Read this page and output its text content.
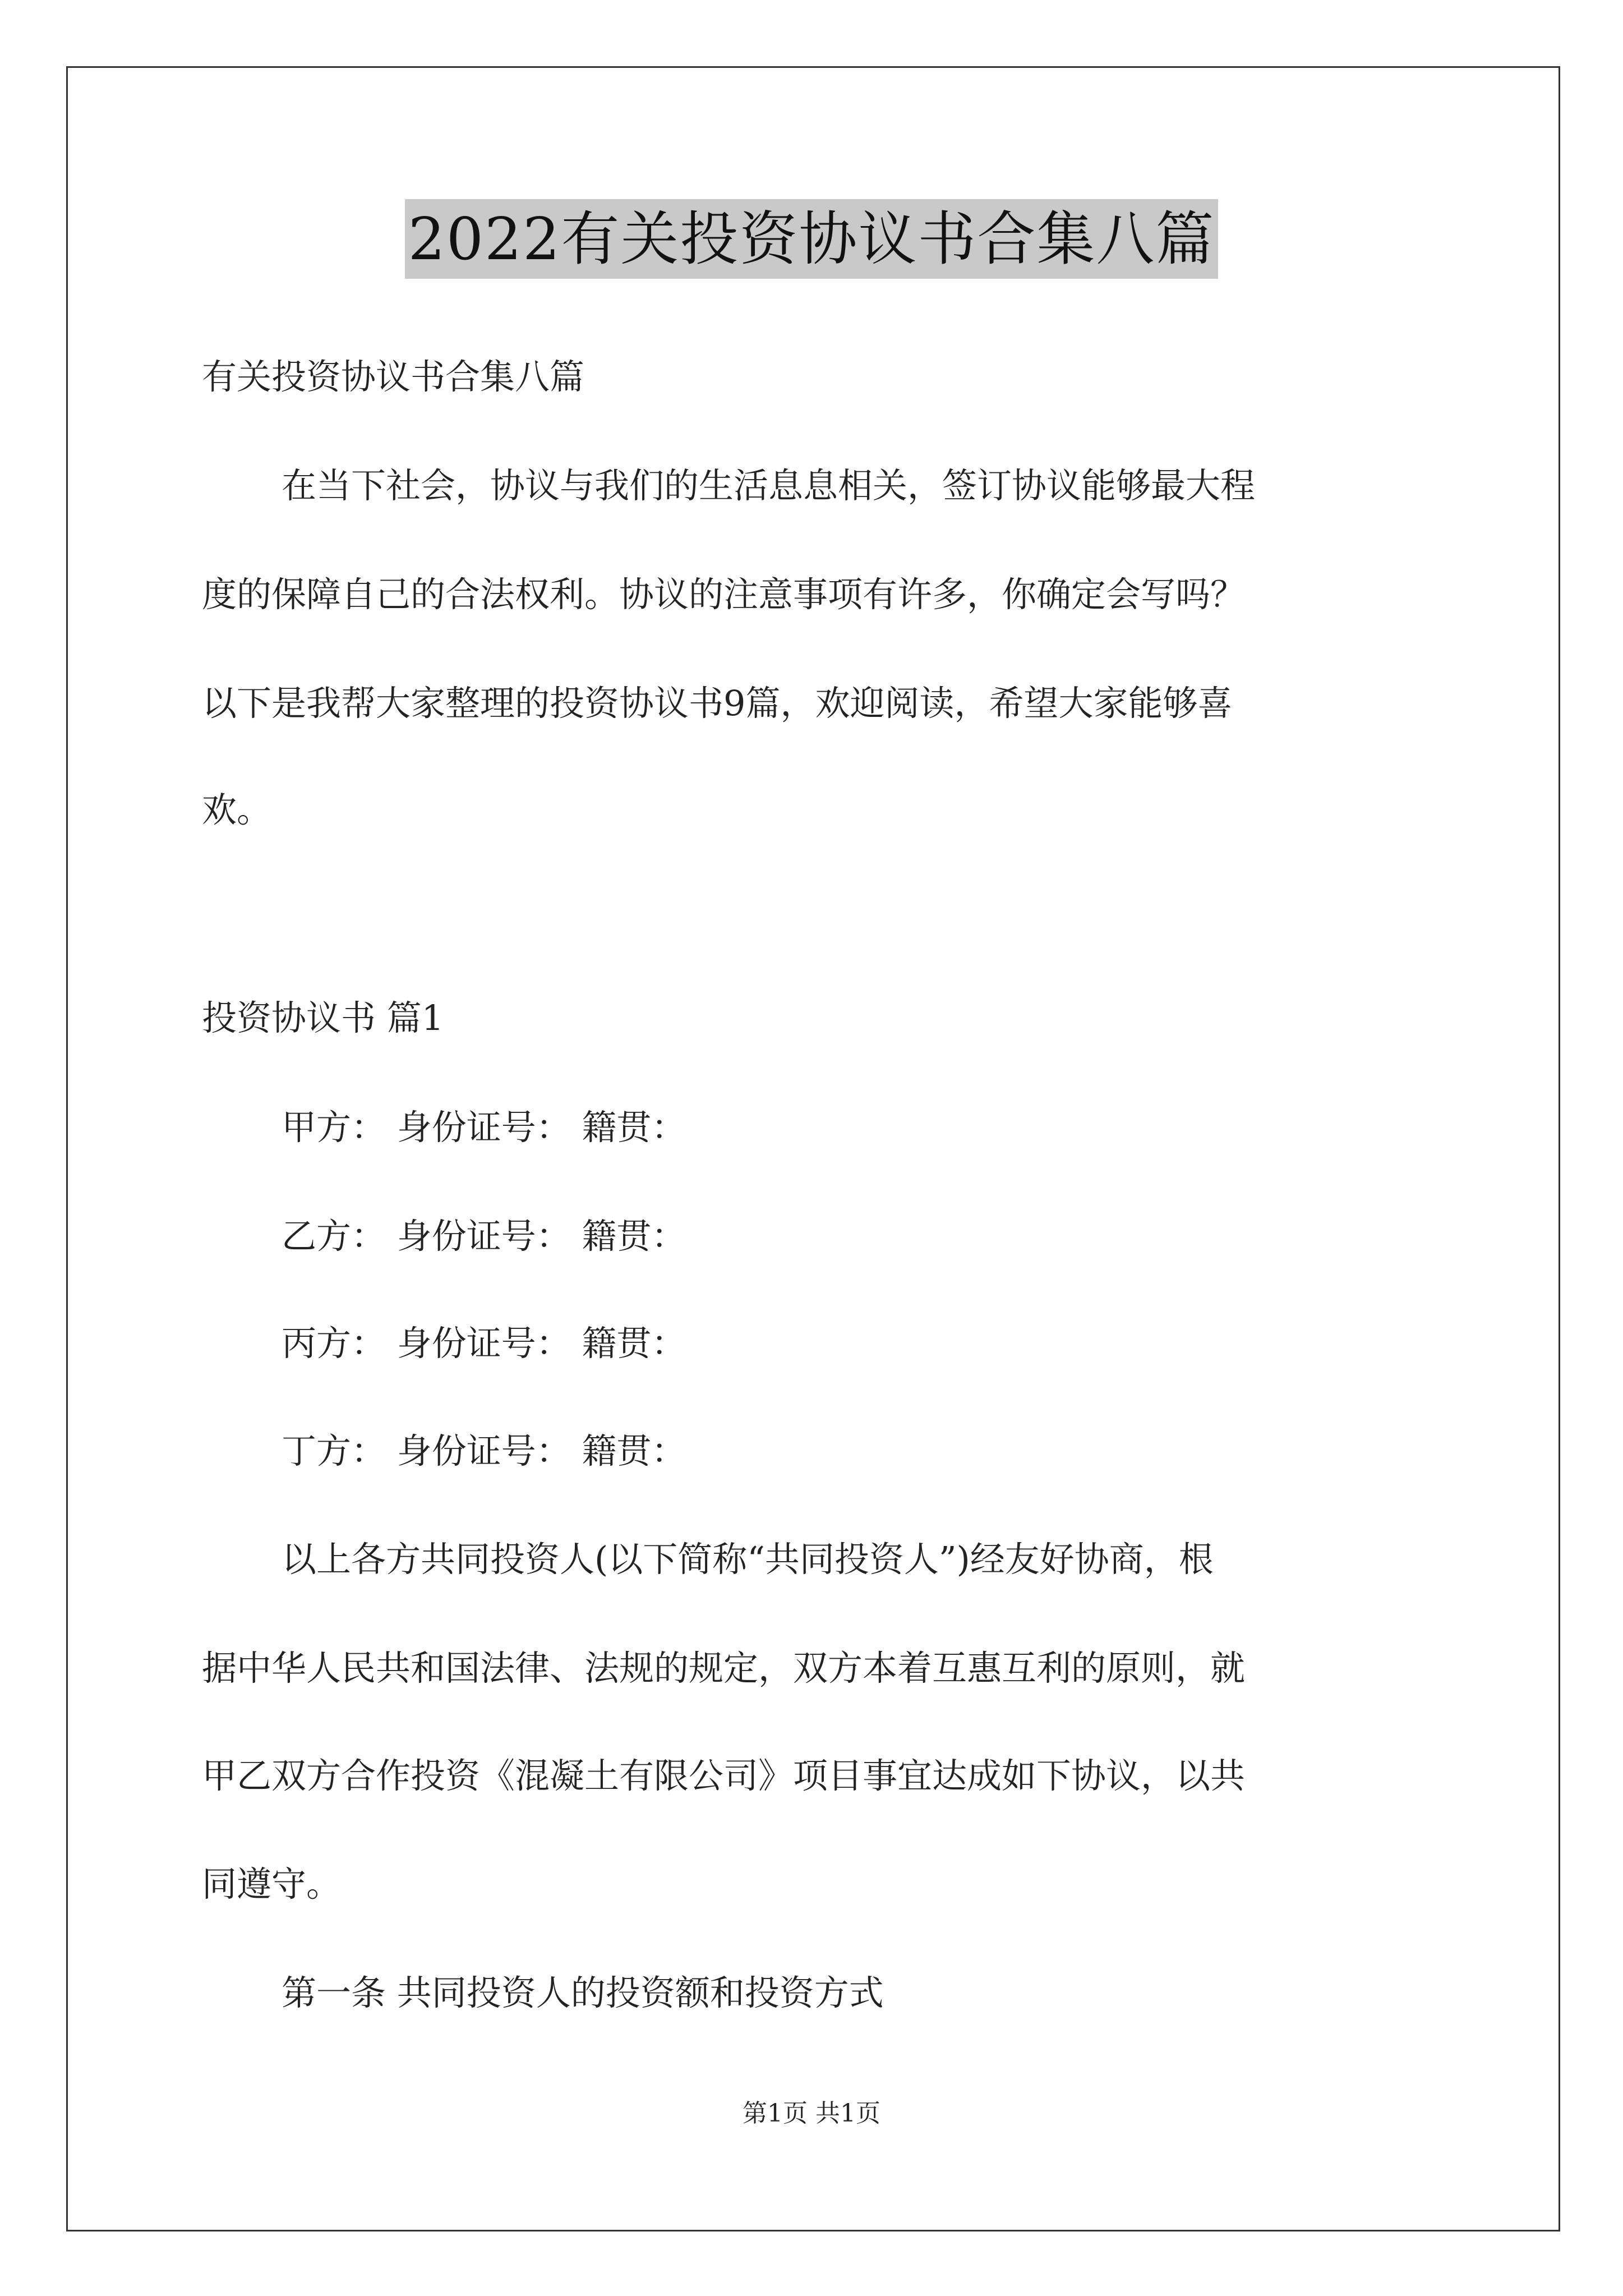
2022有关投资协议书合集八篇
有关投资协议书合集八篇
在当下社会，协议与我们的生活息息相关，签订协议能够最大程
度的保障自己的合法权利。协议的注意事项有许多，你确定会写吗？
以下是我帮大家整理的投资协议书9篇，欢迎阅读，希望大家能够喜
欢。
投资协议书 篇1
甲方： 身份证号： 籍贯：
乙方： 身份证号： 籍贯：
丙方： 身份证号： 籍贯：
丁方： 身份证号： 籍贯：
以上各方共同投资人(以下简称“共同投资人”)经友好协商，根
据中华人民共和国法律、法规的规定，双方本着互惠互利的原则，就
甲乙双方合作投资《混凝土有限公司》项目事宜达成如下协议，以共
同遵守。
第一条 共同投资人的投资额和投资方式
第1页 共1页
